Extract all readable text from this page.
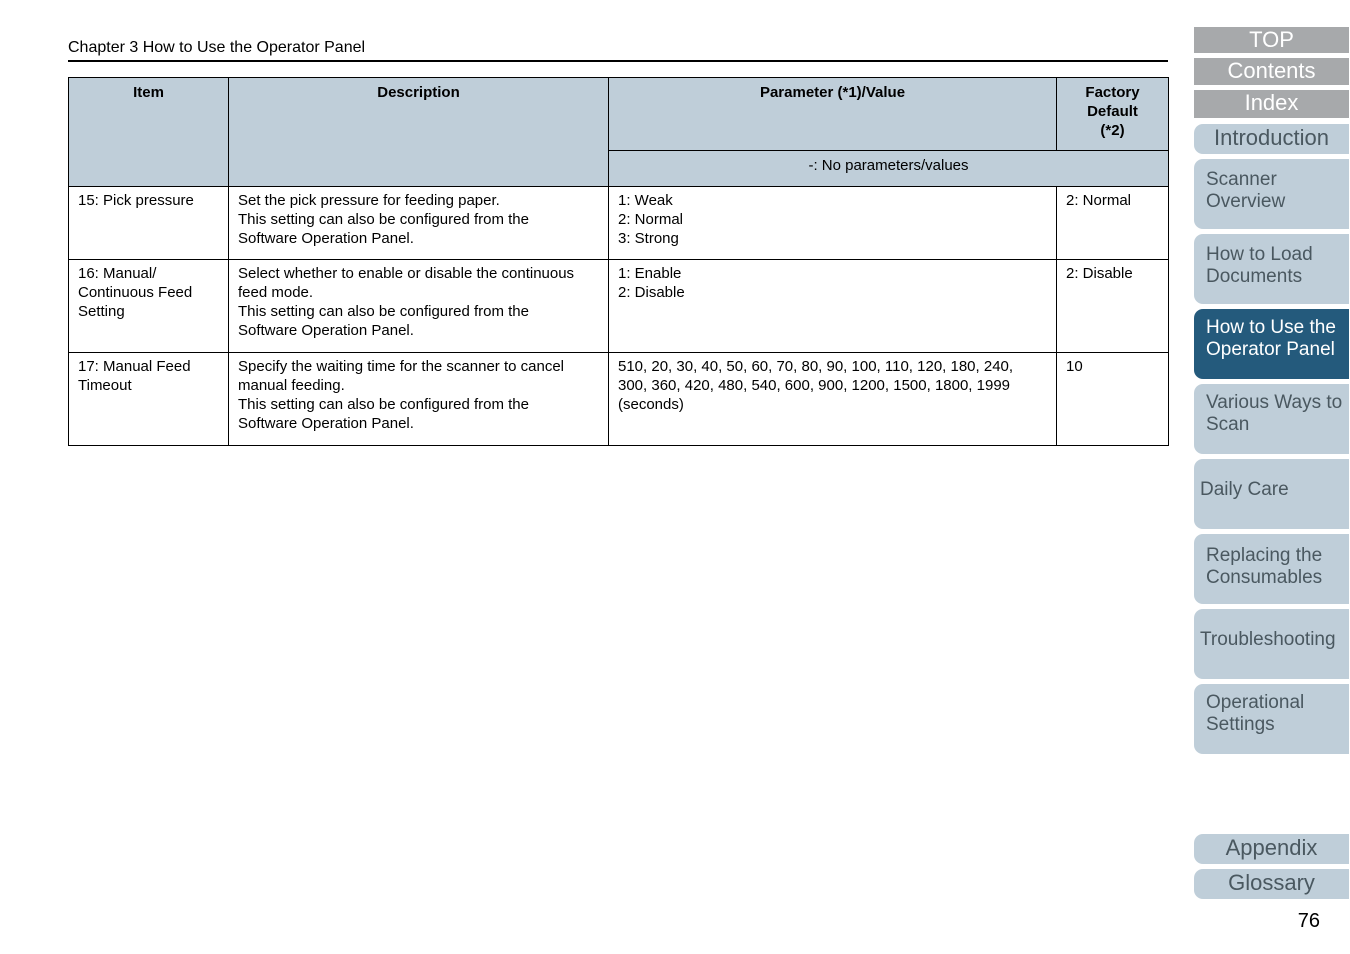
Chapter 3 How to Use the Operator Panel
Item	Description	Parameter (*1)/Value	Factory
Default
(*2)

		-: No parameters/values	

15: Pick pressure	Set the pick pressure for feeding paper.
This setting can also be configured from the
Software Operation Panel.	1: Weak
2: Normal
3: Strong	2: Normal

16: Manual/
Continuous Feed
Setting	Select whether to enable or disable the continuous
feed mode.
This setting can also be configured from the
Software Operation Panel.	1: Enable
2: Disable	2: Disable

17: Manual Feed
Timeout	Specify the waiting time for the scanner to cancel
manual feeding.
This setting can also be configured from the
Software Operation Panel.	510, 20, 30, 40, 50, 60, 70, 80, 90, 100, 110, 120, 180, 240,
300, 360, 420, 480, 540, 600, 900, 1200, 1500, 1800, 1999
(seconds)	10
TOP
Contents
Index
Introduction
Scanner
Overview
How to Load
Documents
How to Use the
Operator Panel
Various Ways to
Scan
Daily Care
Replacing the
Consumables
Troubleshooting
Operational
Settings
Appendix
Glossary
76
